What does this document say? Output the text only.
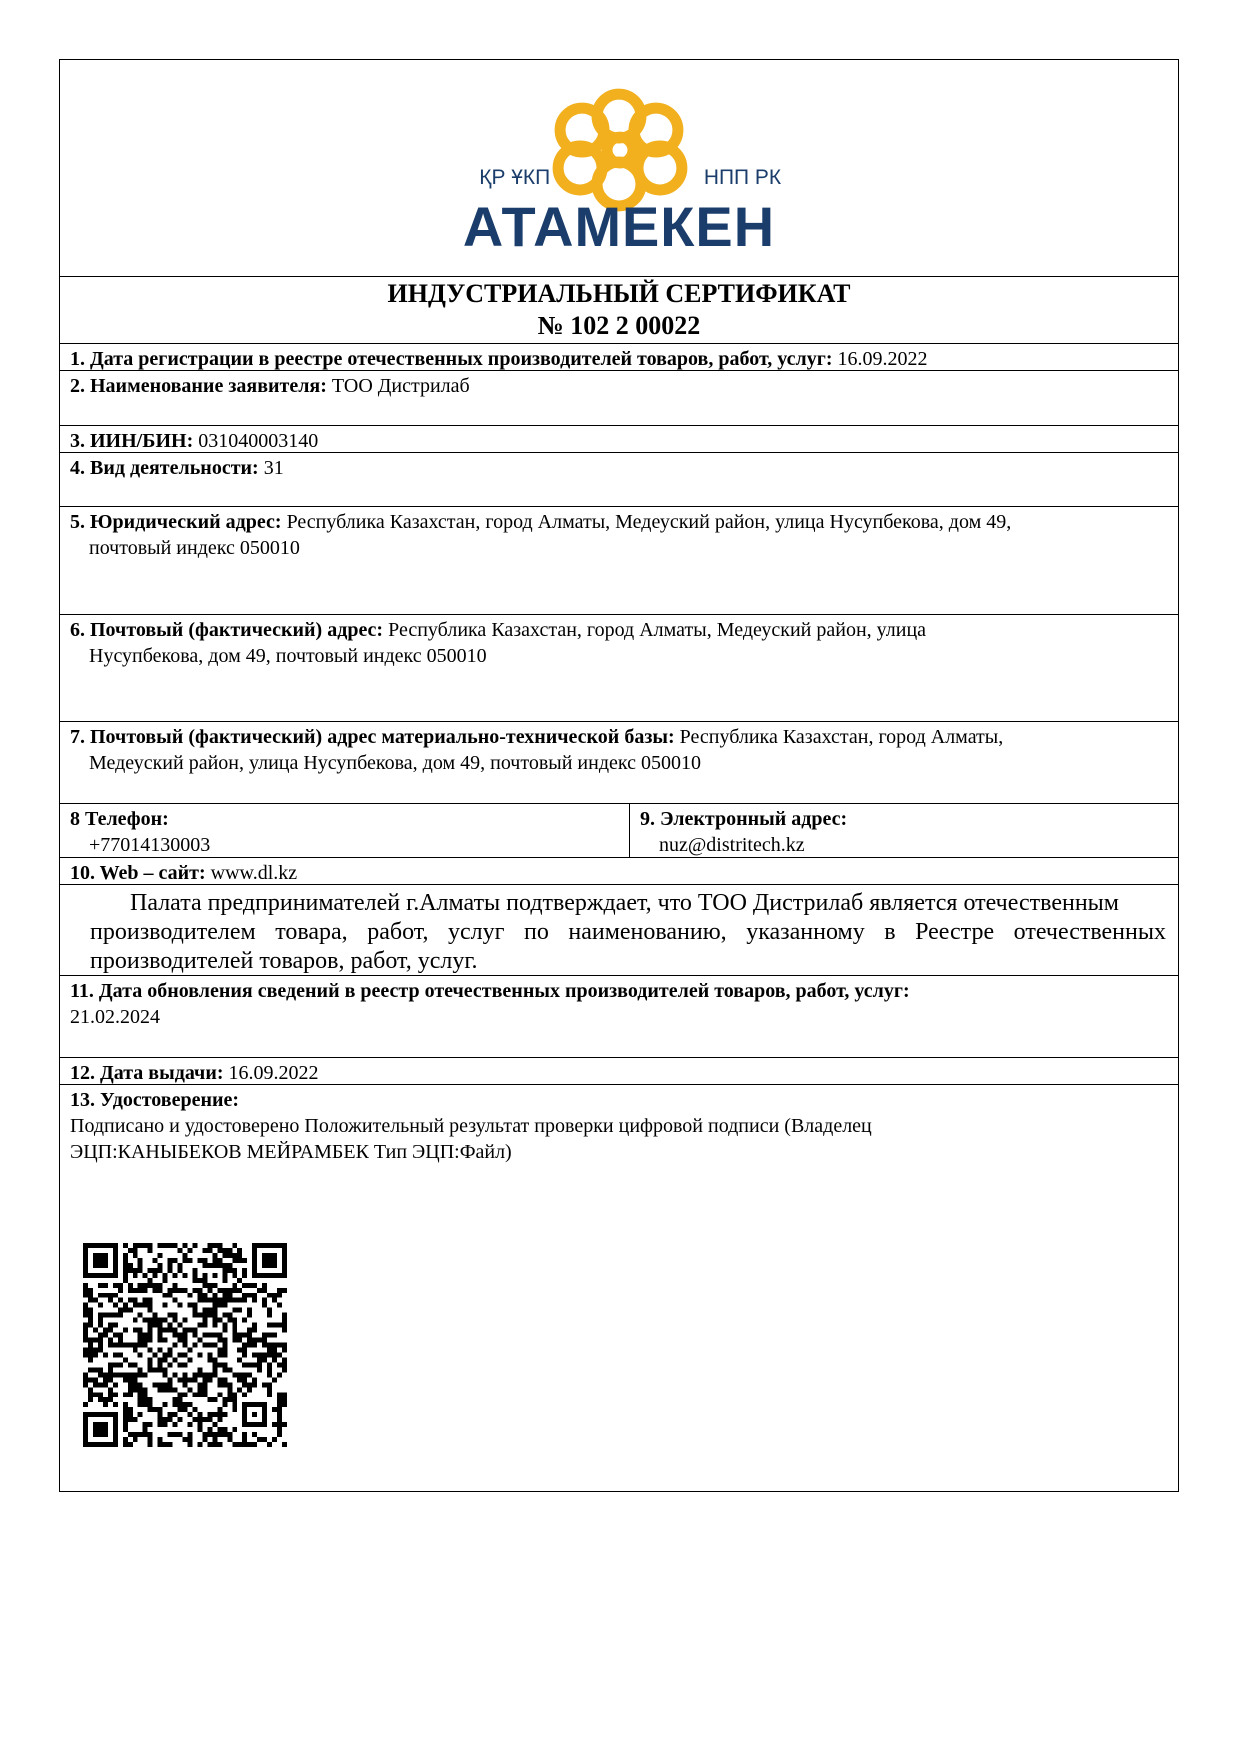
ҚР ҰКП	НПП РК
АТАМЕКЕН
ИНДУСТРИАЛЬНЫЙ СЕРТИФИКАТ
№ 102 2 00022
1. Дата регистрации в реестре отечественных производителей товаров, работ, услуг: 16.09.2022
2. Наименование заявителя: ТОО Дистрилаб
3. ИИН/БИН: 031040003140
4. Вид деятельности: 31
5. Юридический адрес: Республика Казахстан, город Алматы, Медеуский район, улица Нусупбекова, дом 49,
почтовый индекс 050010
6. Почтовый (фактический) адрес: Республика Казахстан, город Алматы, Медеуский район, улица
Нусупбекова, дом 49, почтовый индекс 050010
7. Почтовый (фактический) адрес материально-технической базы: Республика Казахстан, город Алматы,
Медеуский район, улица Нусупбекова, дом 49, почтовый индекс 050010
8 Телефон:
+77014130003
9. Электронный адрес:
nuz@distritech.kz
10. Web – сайт: www.dl.kz
Палата предпринимателей г.Алматы подтверждает, что ТОО Дистрилаб является отечественным
производителем товара, работ, услуг по наименованию, указанному в Реестре отечественных производителей товаров, работ, услуг.
11. Дата обновления сведений в реестр отечественных производителей товаров, работ, услуг:
21.02.2024
12. Дата выдачи: 16.09.2022
13. Удостоверение:
Подписано и удостоверено Положительный результат проверки цифровой подписи (Владелец
ЭЦП:КАНЫБЕКОВ МЕЙРАМБЕК Тип ЭЦП:Файл)
